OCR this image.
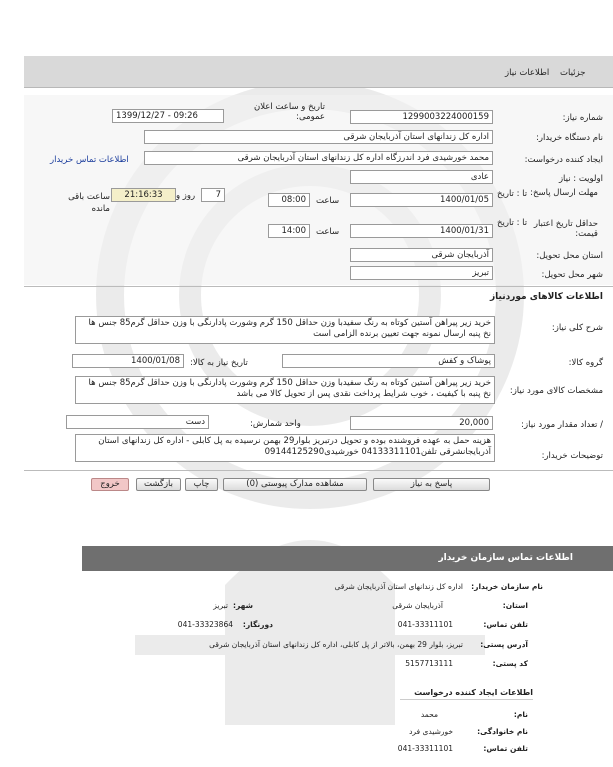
جزئیات
اطلاعات نیاز
شماره نیاز:
1299003224000159
تاریخ و ساعت اعلان عمومی:
1399/12/27 - 09:26
نام دستگاه خریدار:
اداره کل زندانهای استان آذربایجان شرقی
ایجاد کننده درخواست:
محمد خورشیدی فرد اندرزگاه اداره کل زندانهای استان آذربایجان شرقی
اطلاعات تماس خریدار
اولویت : نیاز
عادی
مهلت ارسال پاسخ:
تا : تاریخ
1400/01/05
ساعت
08:00
7
روز و
21:16:33
ساعت باقی مانده
حداقل تاریخ اعتبار قیمت:
تا : تاریخ
1400/01/31
ساعت
14:00
استان محل تحویل:
آذربایجان شرقی
شهر محل تحویل:
تبریز
اطلاعات کالاهای موردنیاز
شرح کلی نیاز:
خرید زیر پیراهن آستین کوتاه به رنگ سفیدبا وزن حداقل 150 گرم وشورت پادارنگی با وزن حداقل گرم85 جنس ها نخ پنبه ارسال نمونه جهت تعیین برنده الزامی است
گروه کالا:
پوشاک و کفش
تاریخ نیاز به کالا:
1400/01/08
مشخصات کالای مورد نیاز:
خرید زیر پیراهن آستین کوتاه به رنگ سفیدبا وزن حداقل 150 گرم وشورت پادارنگی با وزن حداقل گرم85 جنس ها نخ پنبه با کیفیت ، خوب شرایط پرداخت نقدی پس از تحویل کالا می باشد
/ تعداد مقدار مورد نیاز:
20,000
واحد شمارش:
دست
توضیحات خریدار:
هزینه حمل به عهده فروشنده بوده و تحویل درتبریز بلوار29 بهمن نرسیده به پل کابلی - اداره کل زندانهای استان آذربایجانشرقی تلفن04133311101 خورشیدی09144125290
پاسخ به نیاز
مشاهده مدارک پیوستی (0)
چاپ
بازگشت
خروج
اطلاعات تماس سازمان خریدار
نام سازمان خریدار:
اداره کل زندانهای استان آذربایجان شرقی
استان:
آذربایجان شرقی
شهر:
تبریز
تلفن تماس:
041-33311101
دورنگار:
041-33323864
آدرس پستی:
تبریز، بلوار 29 بهمن، بالاتر از پل کابلی، اداره کل زندانهای استان آذربایجان شرقی
کد پستی:
5157713111
اطلاعات ایجاد کننده درخواست
نام:
محمد
نام خانوادگی:
خورشیدی فرد
تلفن تماس:
041-33311101
